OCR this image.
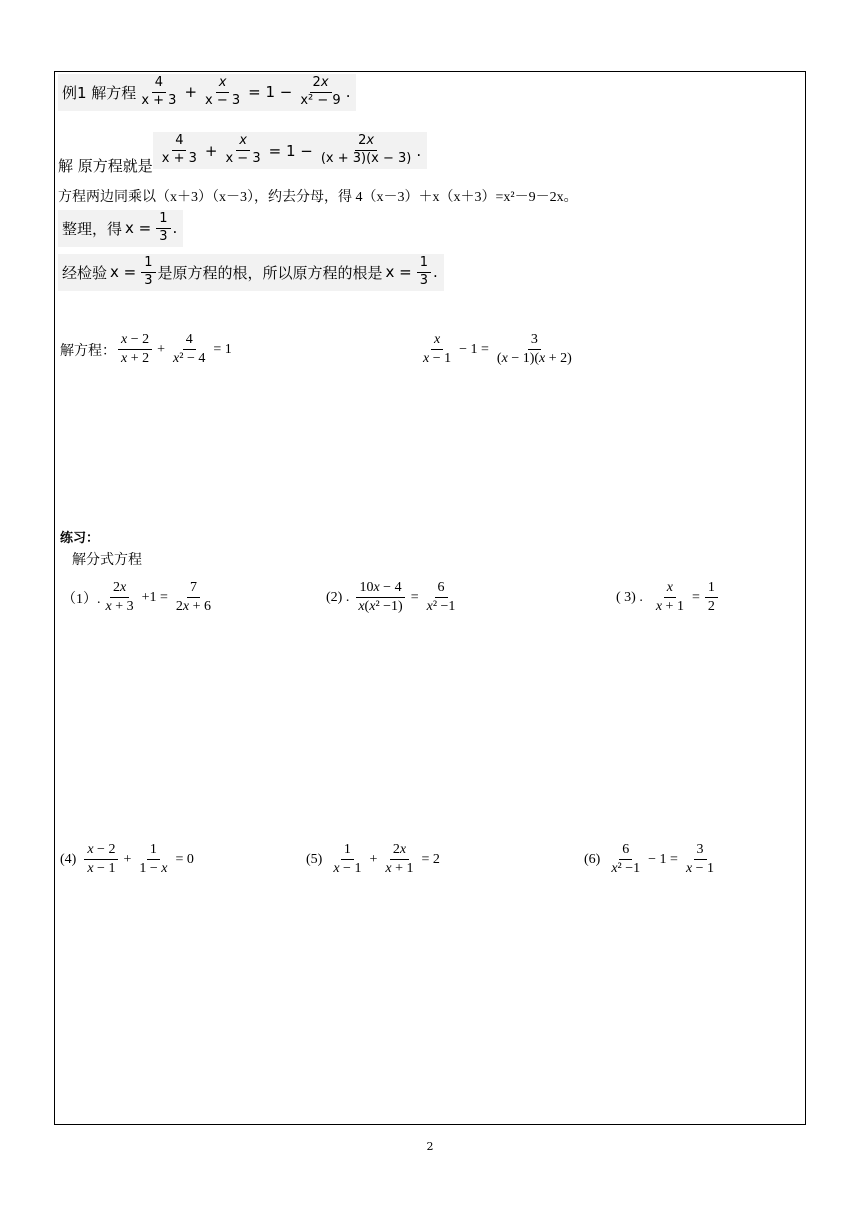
例1 解方程 $\frac{4}{x + 3} + \frac{x}{x - 3} = 1 - \frac{2x}{\text{x² − 9}}$ .
解 原方程就是 $\frac{4}{x + 3} + \frac{x}{x - 3} = 1 - \frac{2x}{(x + 3)(x - 3)}$ .
方程两边同乘以（x＋3）（x－3），约去分母，得 4（x－3）＋x（x＋3）=x²－9－2x。
整理，得 $x = \frac{1}{3}$ .
经检验 $x = \frac{1}{3}$ 是原方程的根，所以原方程的根是 $x = \frac{1}{3}$ .
解方程： $\frac{x - 2}{x + 2} + \frac{4}{\text{x² − 4}} = 1$	$\frac{x}{x - 1} - 1 = \frac{3}{(x - 1)(x + 2)}$
练习：
解分式方程
（1）. $\frac{2x}{x + 3} +1 = \frac{7}{2x + 6}$	(2) . $\frac{10x - 4}{\text{x(x² −1)}} = \frac{6}{\text{x² −1}}$	( 3) . $\frac{x}{x + 1} = \frac{1}{2}$
$(4) \frac{x - 2}{x - 1} + \frac{1}{1 - x} = 0$	$(5) \frac{1}{x - 1} + \frac{2x}{x + 1} = 2$	$(6) \frac{6}{\text{x² −1}} - 1 = \frac{3}{x - 1}$
2
